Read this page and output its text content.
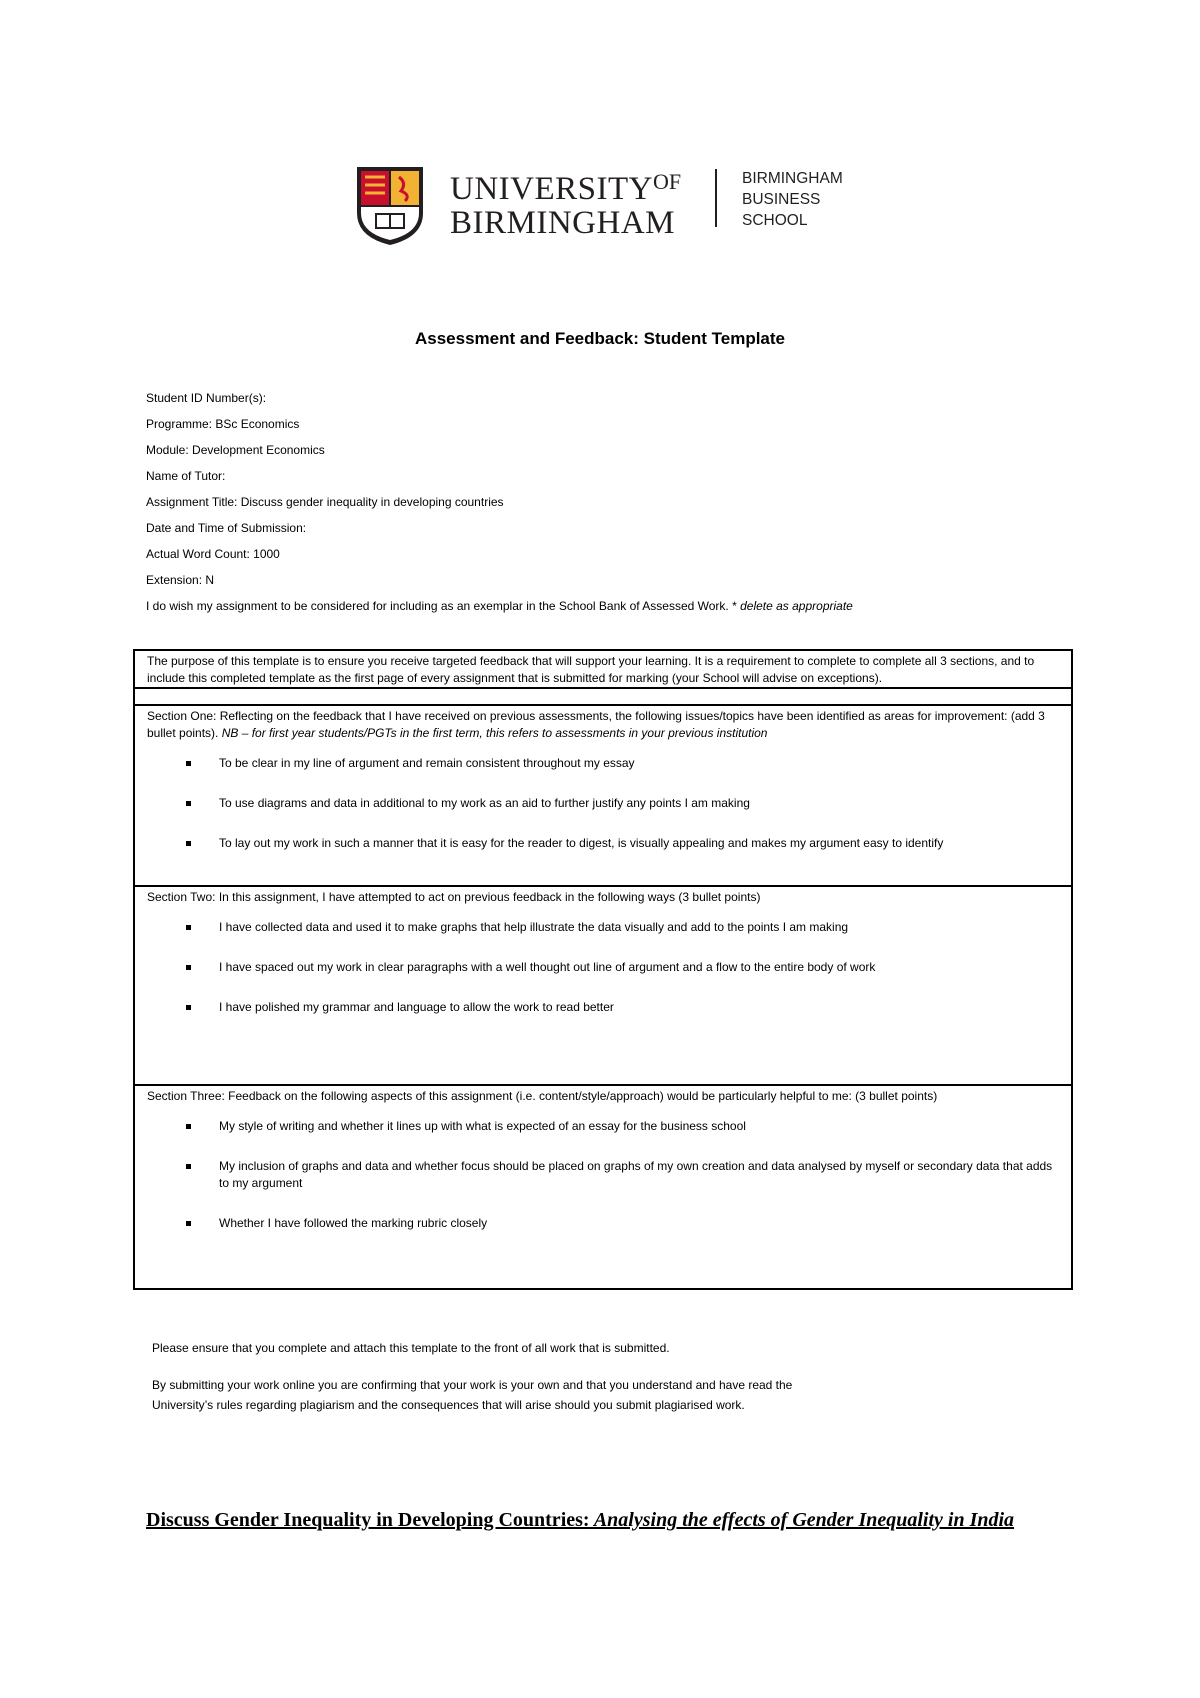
$UNIVERSITY^{OF}$
BIRMINGHAM
BIRMINGHAM
BUSINESS
SCHOOL
Assessment and Feedback: Student Template
Student ID Number(s):
Programme: BSc Economics
Module: Development Economics
Name of Tutor:
Assignment Title: Discuss gender inequality in developing countries
Date and Time of Submission:
Actual Word Count: 1000
Extension: N
I do wish my assignment to be considered for including as an exemplar in the School Bank of Assessed Work. * delete as appropriate

The purpose of this template is to ensure you receive targeted feedback that will support your learning. It is a requirement to complete to complete all 3 sections, and to include this completed template as the first page of every assignment that is submitted for marking (your School will advise on exceptions).

Section One: Reflecting on the feedback that I have received on previous assessments, the following issues/topics have been identified as areas for improvement: (add 3 bullet points). NB – for first year students/PGTs in the first term, this refers to assessments in your previous institution

To be clear in my line of argument and remain consistent throughout my essay
To use diagrams and data in additional to my work as an aid to further justify any points I am making
To lay out my work in such a manner that it is easy for the reader to digest, is visually appealing and makes my argument easy to identify

Section Two: In this assignment, I have attempted to act on previous feedback in the following ways (3 bullet points)

I have collected data and used it to make graphs that help illustrate the data visually and add to the points I am making
I have spaced out my work in clear paragraphs with a well thought out line of argument and a flow to the entire body of work
I have polished my grammar and language to allow the work to read better

Section Three: Feedback on the following aspects of this assignment (i.e. content/style/approach) would be particularly helpful to me: (3 bullet points)

My style of writing and whether it lines up with what is expected of an essay for the business school
My inclusion of graphs and data and whether focus should be placed on graphs of my own creation and data analysed by myself or secondary data that adds to my argument
Whether I have followed the marking rubric closely

Please ensure that you complete and attach this template to the front of all work that is submitted.

By submitting your work online you are confirming that your work is your own and that you understand and have read the University’s rules regarding plagiarism and the consequences that will arise should you submit plagiarised work.

Discuss Gender Inequality in Developing Countries: Analysing the effects of Gender Inequality in India
